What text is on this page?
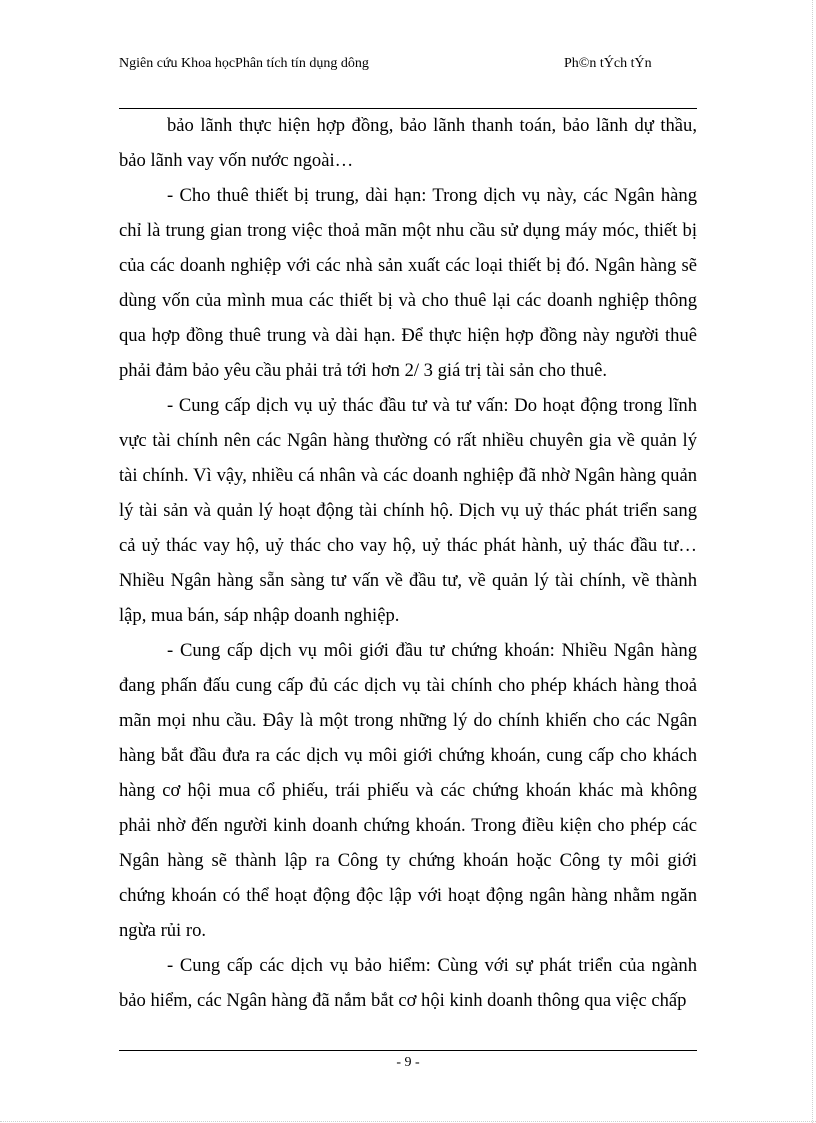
Ngiên cứu Khoa họcPhân tích tín dụng dông	Ph©n tÝch tÝn

bảo lãnh thực hiện hợp đồng, bảo lãnh thanh toán, bảo lãnh dự thầu, bảo lãnh vay vốn nước ngoài…

- Cho thuê thiết bị trung, dài hạn: Trong dịch vụ này, các Ngân hàng chỉ là trung gian trong việc thoả mãn một nhu cầu sử dụng máy móc, thiết bị của các doanh nghiệp với các nhà sản xuất các loại thiết bị đó. Ngân hàng sẽ dùng vốn của mình mua các thiết bị và cho thuê lại các doanh nghiệp thông qua hợp đồng thuê trung và dài hạn. Để thực hiện hợp đồng này người thuê phải đảm bảo yêu cầu phải trả tới hơn 2/ 3 giá trị tài sản cho thuê.

- Cung cấp dịch vụ uỷ thác đầu tư và tư vấn: Do hoạt động trong lĩnh vực tài chính nên các Ngân hàng thường có rất nhiều chuyên gia về quản lý tài chính. Vì vậy, nhiều cá nhân và các doanh nghiệp đã nhờ Ngân hàng quản lý tài sản và quản lý hoạt động tài chính hộ. Dịch vụ uỷ thác phát triển sang cả uỷ thác vay hộ, uỷ thác cho vay hộ, uỷ thác phát hành, uỷ thác đầu tư… Nhiều Ngân hàng sẵn sàng tư vấn về đầu tư, về quản lý tài chính, về thành lập, mua bán, sáp nhập doanh nghiệp.

- Cung cấp dịch vụ môi giới đầu tư chứng khoán: Nhiều Ngân hàng đang phấn đấu cung cấp đủ các dịch vụ tài chính cho phép khách hàng thoả mãn mọi nhu cầu. Đây là một trong những lý do chính khiến cho các Ngân hàng bắt đầu đưa ra các dịch vụ môi giới chứng khoán, cung cấp cho khách hàng cơ hội mua cổ phiếu, trái phiếu và các chứng khoán khác mà không phải nhờ đến người kinh doanh chứng khoán. Trong điều kiện cho phép các Ngân hàng sẽ thành lập ra Công ty chứng khoán hoặc Công ty môi giới chứng khoán có thể hoạt động độc lập với hoạt động ngân hàng nhằm ngăn ngừa rủi ro.

- Cung cấp các dịch vụ bảo hiểm: Cùng với sự phát triển của ngành bảo hiểm, các Ngân hàng đã nắm bắt cơ hội kinh doanh thông qua việc chấp

- 9 -
